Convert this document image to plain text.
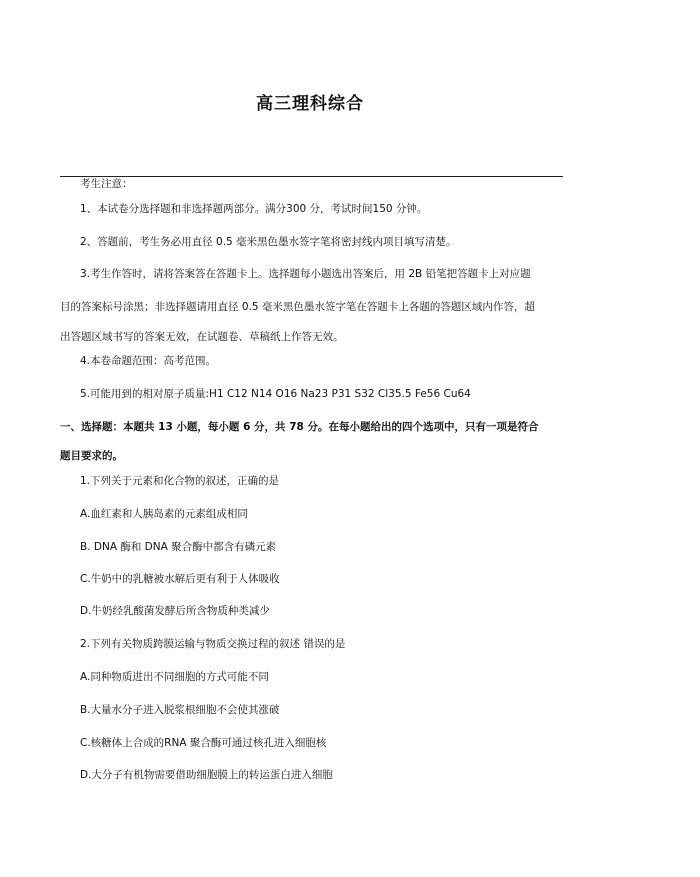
高三理科综合
考生注意：
1、本试卷分选择题和非选择题两部分。满分300 分，考试时间150 分钟。
2、答题前，考生务必用直径 0.5 毫米黑色墨水签字笔将密封线内项目填写清楚。
3.考生作答时，请将答案答在答题卡上。选择题每小题选出答案后，用 2B 铅笔把答题卡上对应题
目的答案标号涂黑；非选择题请用直径 0.5 毫米黑色墨水签字笔在答题卡上各题的答题区域内作答，超
出答题区域书写的答案无效，在试题卷、草稿纸上作答无效。
4.本卷命题范围：高考范围。
5.可能用到的相对原子质量:H1 C12 N14 O16 Na23 P31 S32 Cl35.5 Fe56 Cu64
一、选择题：本题共 13 小题，每小题 6 分，共 78 分。在每小题给出的四个选项中，只有一项是符合
题目要求的。
1.下列关于元素和化合物的叙述，正确的是
A.血红素和人胰岛素的元素组成相同
B. DNA 酶和 DNA 聚合酶中都含有磷元素
C.牛奶中的乳糖被水解后更有利于人体吸收
D.牛奶经乳酸菌发酵后所含物质种类减少
2.下列有关物质跨膜运输与物质交换过程的叙述 错误的是
A.同种物质进出不同细胞的方式可能不同
B.大量水分子进入脱浆根细胞不会使其涨破
C.核糖体上合成的RNA 聚合酶可通过核孔进入细胞核
D.大分子有机物需要借助细胞膜上的转运蛋白进入细胞
